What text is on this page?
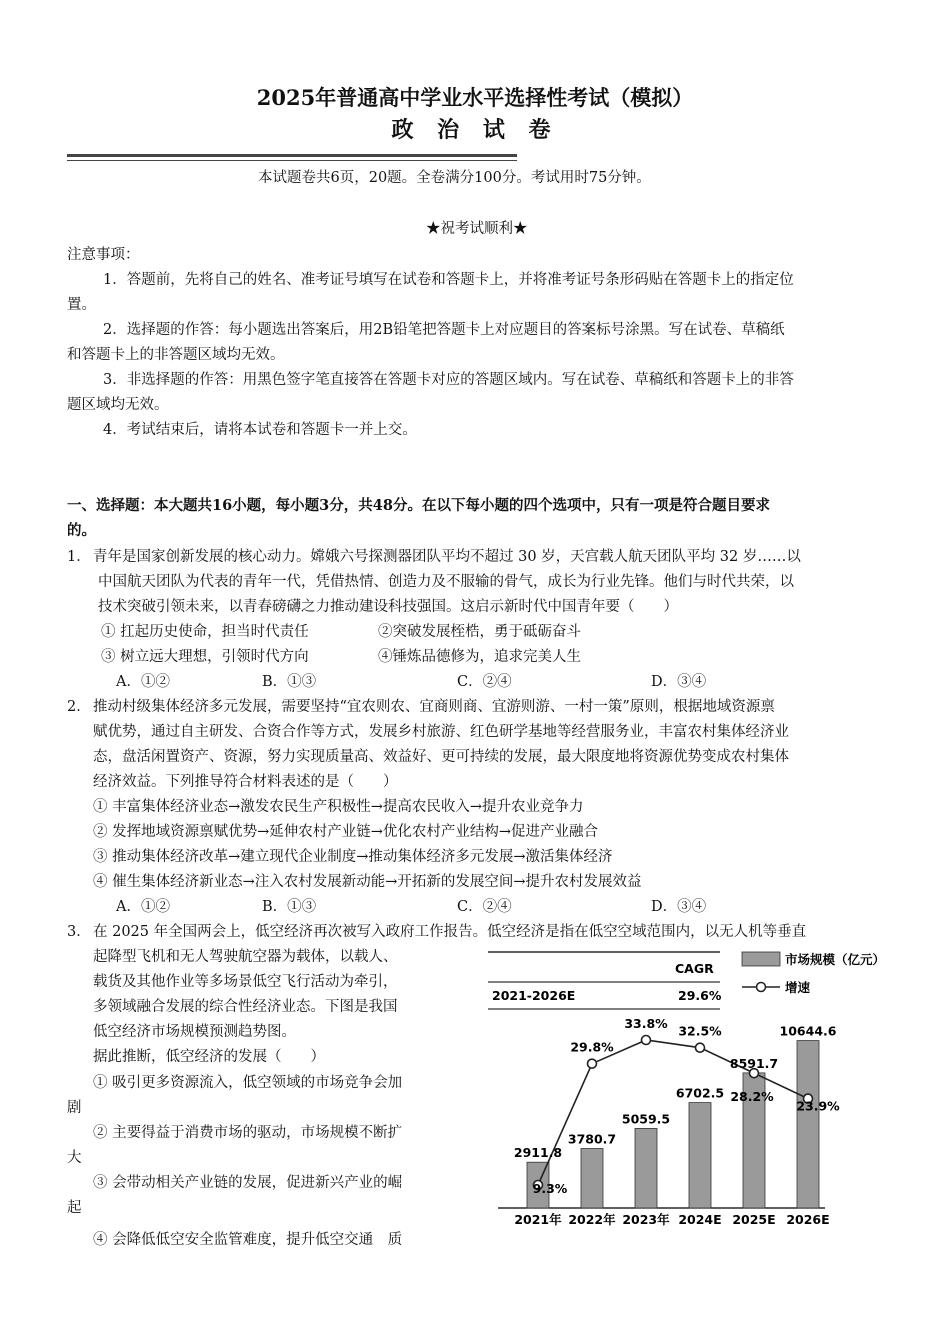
2025年普通高中学业水平选择性考试（模拟）
政 治 试 卷
本试题卷共6页，20题。全卷满分100分。考试用时75分钟。
★祝考试顺利★
注意事项：
1．答题前，先将自己的姓名、准考证号填写在试卷和答题卡上，并将准考证号条形码贴在答题卡上的指定位
置。
2．选择题的作答：每小题选出答案后，用2B铅笔把答题卡上对应题目的答案标号涂黑。写在试卷、草稿纸
和答题卡上的非答题区域均无效。
3．非选择题的作答：用黑色签字笔直接答在答题卡对应的答题区域内。写在试卷、草稿纸和答题卡上的非答
题区域均无效。
4．考试结束后，请将本试卷和答题卡一并上交。
一、选择题：本大题共16小题，每小题3分，共48分。在以下每小题的四个选项中，只有一项是符合题目要求
的。
1． 青年是国家创新发展的核心动力。嫦娥六号探测器团队平均不超过 30 岁，天宫载人航天团队平均 32 岁……以
中国航天团队为代表的青年一代，凭借热情、创造力及不服输的骨气，成长为行业先锋。他们与时代共荣，以
技术突破引领未来，以青春磅礴之力推动建设科技强国。这启示新时代中国青年要（　　）
① 扛起历史使命，担当时代责任	②突破发展桎梏，勇于砥砺奋斗
③ 树立远大理想，引领时代方向	④锤炼品德修为，追求完美人生
A．①②	B．①③	C．②④	D．③④
2． 推动村级集体经济多元发展，需要坚持“宜农则农、宜商则商、宜游则游、一村一策”原则，根据地域资源禀
赋优势，通过自主研发、合资合作等方式，发展乡村旅游、红色研学基地等经营服务业，丰富农村集体经济业
态，盘活闲置资产、资源，努力实现质量高、效益好、更可持续的发展，最大限度地将资源优势变成农村集体
经济效益。下列推导符合材料表述的是（　　）
① 丰富集体经济业态→激发农民生产积极性→提高农民收入→提升农业竞争力
② 发挥地域资源禀赋优势→延伸农村产业链→优化农村产业结构→促进产业融合
③ 推动集体经济改革→建立现代企业制度→推动集体经济多元发展→激活集体经济
④ 催生集体经济新业态→注入农村发展新动能→开拓新的发展空间→提升农村发展效益
A．①②	B．①③	C．②④	D．③④
3． 在 2025 年全国两会上，低空经济再次被写入政府工作报告。低空经济是指在低空空域范围内，以无人机等垂直
起降型飞机和无人驾驶航空器为载体，以载人、
载货及其他作业等多场景低空飞行活动为牵引，
多领域融合发展的综合性经济业态。下图是我国
低空经济市场规模预测趋势图。
据此推断，低空经济的发展（　　）
① 吸引更多资源流入，低空领域的市场竞争会加
剧
② 主要得益于消费市场的驱动，市场规模不断扩
大
③ 会带动相关产业链的发展，促进新兴产业的崛
起
④ 会降低低空安全监管难度，提升低空交通　质
CAGR
2021-2026E	29.6%
市场规模（亿元）
增速
2911.8
2021年
3780.7
2022年
5059.5
2023年
6702.5
2024E
8591.7
2025E
10644.6
2026E
9.3%
29.8%
33.8%
32.5%
28.2%
23.9%
